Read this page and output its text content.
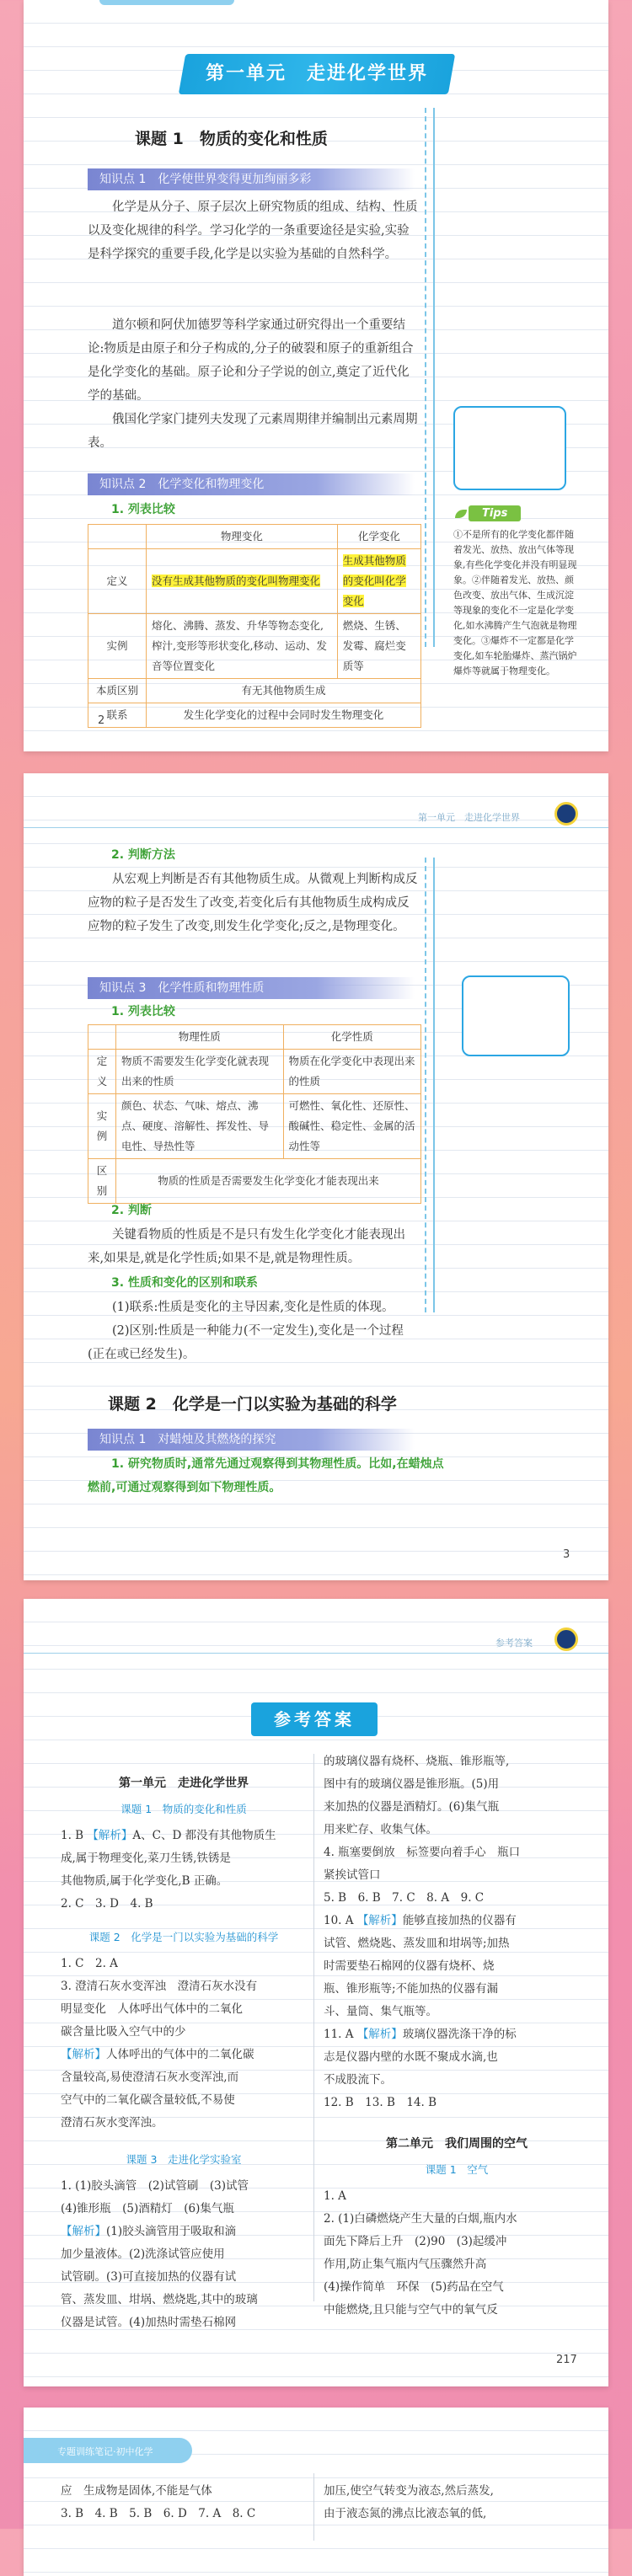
第一单元　走进化学世界
课题 1　物质的变化和性质
知识点 1　化学使世界变得更加绚丽多彩
化学是从分子、原子层次上研究物质的组成、结构、性质以及变化规律的科学。学习化学的一条重要途径是实验,实验是科学探究的重要手段,化学是以实验为基础的自然科学。
道尔顿和阿伏加德罗等科学家通过研究得出一个重要结论:物质是由原子和分子构成的,分子的破裂和原子的重新组合是化学变化的基础。原子论和分子学说的创立,奠定了近代化学的基础。
俄国化学家门捷列夫发现了元素周期律并编制出元素周期表。
知识点 2　化学变化和物理变化
1. 列表比较
	物理变化	化学变化
定义	没有生成其他物质的变化叫物理变化	生成其他物质的变化叫化学变化
实例	熔化、沸腾、蒸发、升华等物态变化,榨汁,变形等形状变化,移动、运动、发音等位置变化	燃烧、生锈、发霉、腐烂变质等
本质区别	有无其他物质生成	
联系	发生化学变化的过程中会同时发生物理变化	
Tips
①不是所有的化学变化都伴随着发光、放热、放出气体等现象,有些化学变化并没有明显现象。②伴随着发光、放热、颜色改变、放出气体、生成沉淀等现象的变化不一定是化学变化,如水沸腾产生气泡就是物理变化。③爆炸不一定都是化学变化,如车轮胎爆炸、蒸汽锅炉爆炸等就属于物理变化。
2
第一单元　走进化学世界
2. 判断方法
从宏观上判断是否有其他物质生成。从微观上判断构成反应物的粒子是否发生了改变,若变化后有其他物质生成构成反应物的粒子发生了改变,則发生化学变化;反之,是物理变化。
知识点 3　化学性质和物理性质
1. 列表比较
	物理性质	化学性质
定义	物质不需要发生化学变化就表现出来的性质	物质在化学变化中表现出来的性质
实例	颜色、状态、气味、熔点、沸点、硬度、溶解性、挥发性、导电性、导热性等	可燃性、氧化性、还原性、酸碱性、稳定性、金属的活动性等
区别	物质的性质是否需要发生化学变化才能表现出来	
2. 判断
关键看物质的性质是不是只有发生化学变化才能表现出来,如果是,就是化学性质;如果不是,就是物理性质。
3. 性质和变化的区别和联系
(1)联系:性质是变化的主导因素,变化是性质的体现。
(2)区别:性质是一种能力(不一定发生),变化是一个过程(正在或已经发生)。
课题 2　化学是一门以实验为基础的科学
知识点 1　对蜡烛及其燃烧的探究
1. 研究物质时,通常先通过观察得到其物理性质。比如,在蜡烛点燃前,可通过观察得到如下物理性质。
3
参考答案
参考答案
第一单元　走进化学世界
课题 1　物质的变化和性质
1. B 【解析】A、C、D 都没有其他物质生
成,属于物理变化,菜刀生锈,铁锈是
其他物质,属于化学变化,B 正确。
2. C　3. D　4. B
课题 2　化学是一门以实验为基础的科学
1. C　2. A
3. 澄清石灰水变浑浊　澄清石灰水没有
明显变化　人体呼出气体中的二氧化
碳含量比吸入空气中的少
【解析】人体呼出的气体中的二氧化碳
含量较高,易使澄清石灰水变浑浊,而
空气中的二氧化碳含量较低,不易使
澄清石灰水变浑浊。
课题 3　走进化学实验室
1. (1)胶头滴管　(2)试管刷　(3)试管
(4)锥形瓶　(5)酒精灯　(6)集气瓶
【解析】(1)胶头滴管用于吸取和滴
加少量液体。(2)洗涤试管应使用
试管刷。(3)可直接加热的仪器有试
管、蒸发皿、坩埚、燃烧匙,其中的玻璃
仪器是试管。(4)加热时需垫石棉网
的玻璃仪器有烧杯、烧瓶、锥形瓶等,
图中有的玻璃仪器是锥形瓶。(5)用
来加热的仪器是酒精灯。(6)集气瓶
用来贮存、收集气体。
4. 瓶塞要倒放　标签要向着手心　瓶口
紧挨试管口
5. B　6. B　7. C　8. A　9. C
10. A 【解析】能够直接加热的仪器有
试管、燃烧匙、蒸发皿和坩埚等;加热
时需要垫石棉网的仪器有烧杯、烧
瓶、锥形瓶等;不能加热的仪器有漏
斗、量筒、集气瓶等。
11. A 【解析】玻璃仪器洗涤干净的标
志是仪器内壁的水既不聚成水滴,也
不成股流下。
12. B　13. B　14. B
第二单元　我们周围的空气
课题 1　空气
1. A
2. (1)白磷燃烧产生大量的白烟,瓶内水
面先下降后上升　(2)90　(3)起缓冲
作用,防止集气瓶内气压骤然升高
(4)操作简单　环保　(5)药品在空气
中能燃烧,且只能与空气中的氧气反
217
专题训练笔记·初中化学
应　生成物是固体,不能是气体
3. B　4. B　5. B　6. D　7. A　8. C
加压,使空气转变为液态,然后蒸发,
由于液态氮的沸点比液态氧的低,
